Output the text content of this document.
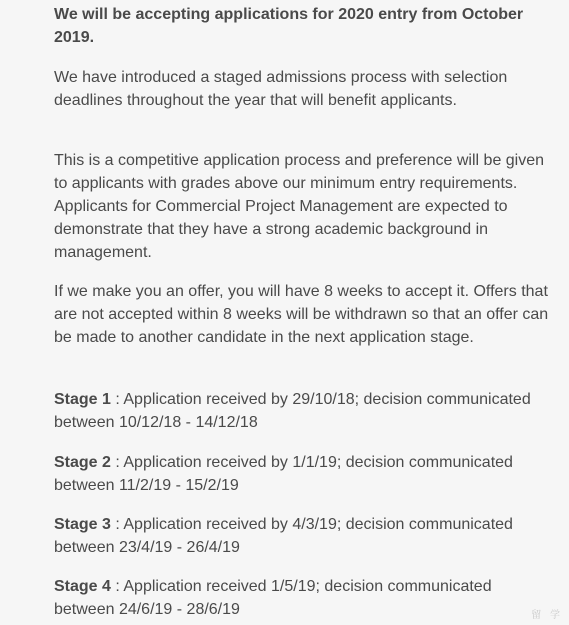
We will be accepting applications for 2020 entry from October 2019.

We have introduced a staged admissions process with selection deadlines throughout the year that will benefit applicants.

This is a competitive application process and preference will be given to applicants with grades above our minimum entry requirements. Applicants for Commercial Project Management are expected to demonstrate that they have a strong academic background in management.

If we make you an offer, you will have 8 weeks to accept it. Offers that are not accepted within 8 weeks will be withdrawn so that an offer can be made to another candidate in the next application stage.

Stage 1 : Application received by 29/10/18; decision communicated between 10/12/18 - 14/12/18

Stage 2 : Application received by 1/1/19; decision communicated between 11/2/19 - 15/2/19

Stage 3 : Application received by 4/3/19; decision communicated between 23/4/19 - 26/4/19

Stage 4 : Application received 1/5/19; decision communicated between 24/6/19 - 28/6/19	留 学
